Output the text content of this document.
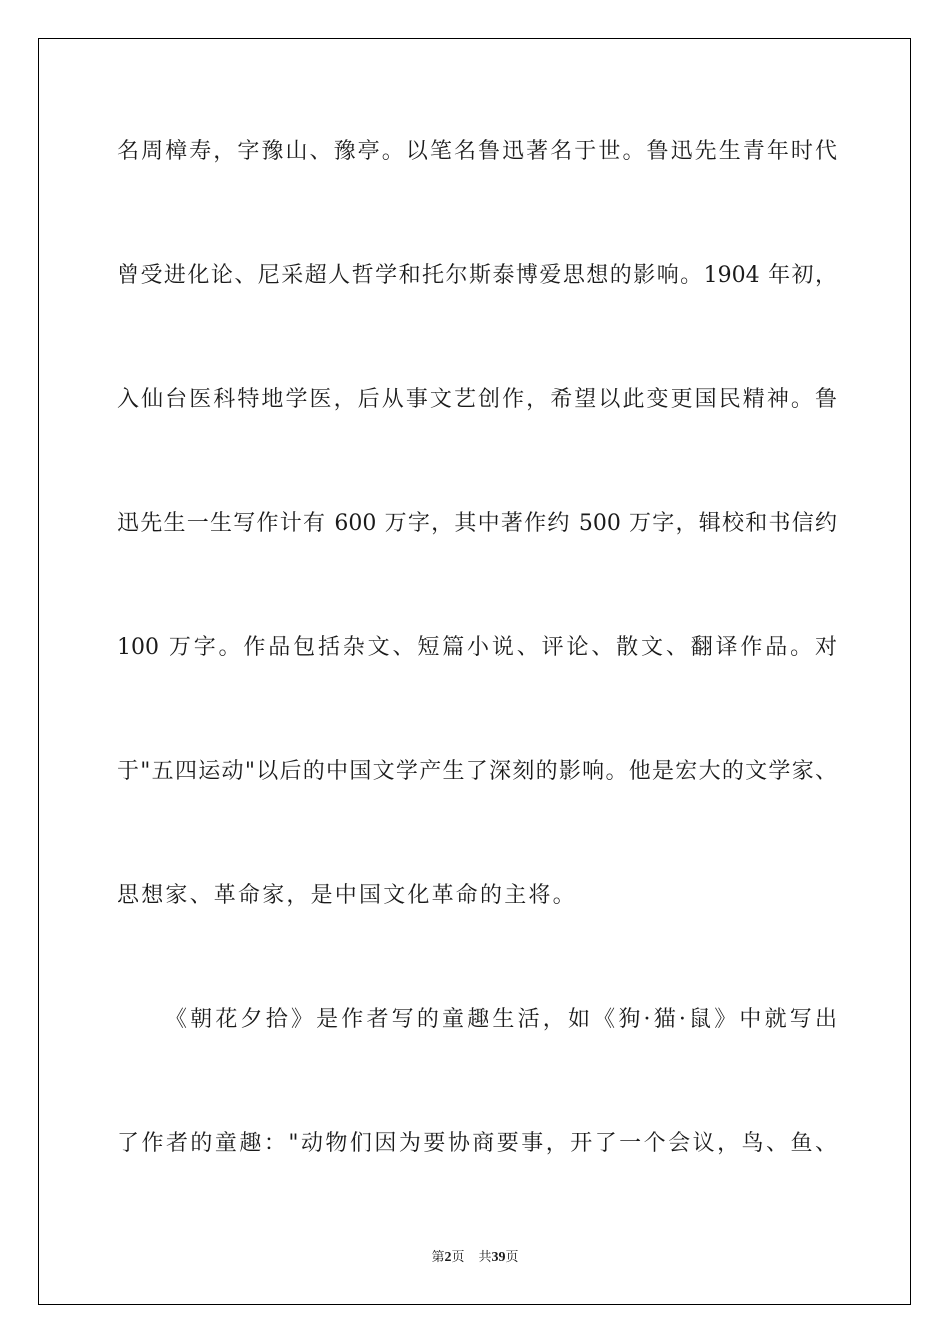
名周樟寿，字豫山、豫亭。以笔名鲁迅著名于世。鲁迅先生青年时代

曾受进化论、尼采超人哲学和托尔斯泰博爱思想的影响。1904 年初，

入仙台医科特地学医，后从事文艺创作，希望以此变更国民精神。鲁

迅先生一生写作计有 600 万字，其中著作约 500 万字，辑校和书信约

100 万字。作品包括杂文、短篇小说、评论、散文、翻译作品。对

于"五四运动"以后的中国文学产生了深刻的影响。他是宏大的文学家、

思想家、革命家，是中国文化革命的主将。

《朝花夕拾》是作者写的童趣生活，如《狗·猫·鼠》中就写出

了作者的童趣："动物们因为要协商要事，开了一个会议，鸟、鱼、

第2页 共39页
